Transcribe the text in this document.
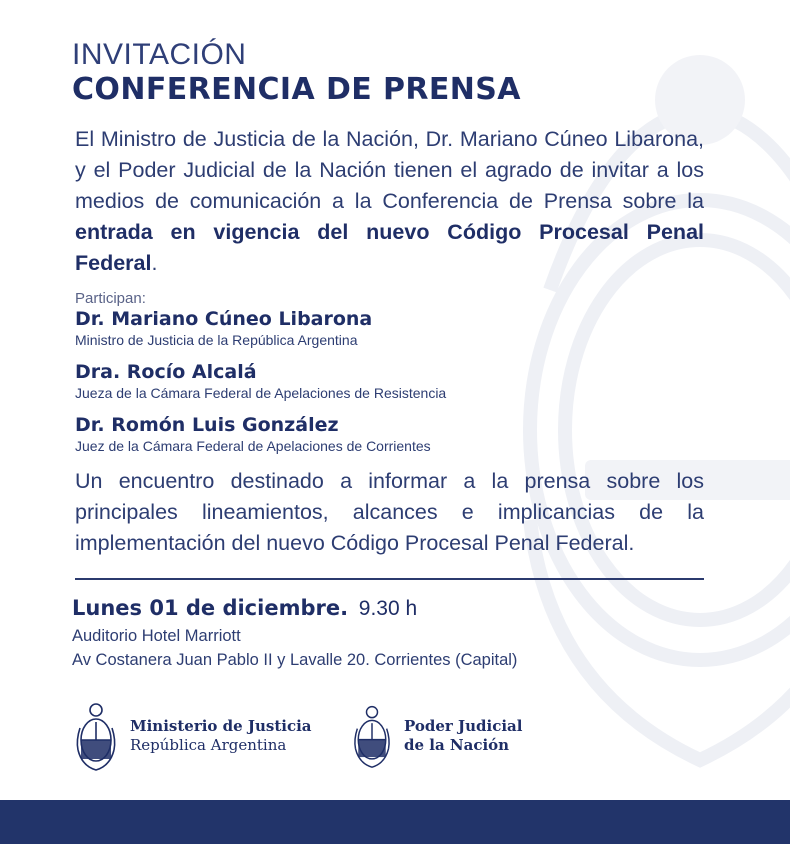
INVITACIÓN
CONFERENCIA DE PRENSA
El Ministro de Justicia de la Nación, Dr. Mariano Cúneo Libarona, y el Poder Judicial de la Nación tienen el agrado de invitar a los medios de comunicación a la Conferencia de Prensa sobre la entrada en vigencia del nuevo Código Procesal Penal Federal.
Participan:
Dr. Mariano Cúneo Libarona
Ministro de Justicia de la República Argentina
Dra. Rocío Alcalá
Jueza de la Cámara Federal de Apelaciones de Resistencia
Dr. Romón Luis González
Juez de la Cámara Federal de Apelaciones de Corrientes
Un encuentro destinado a informar a la prensa sobre los principales lineamientos, alcances e implicancias de la implementación del nuevo Código Procesal Penal Federal.
Lunes 01 de diciembre. 9.30 h
Auditorio Hotel Marriott
Av Costanera Juan Pablo II y Lavalle 20. Corrientes (Capital)
Ministerio de Justicia
República Argentina
Poder Judicial
de la Nación
